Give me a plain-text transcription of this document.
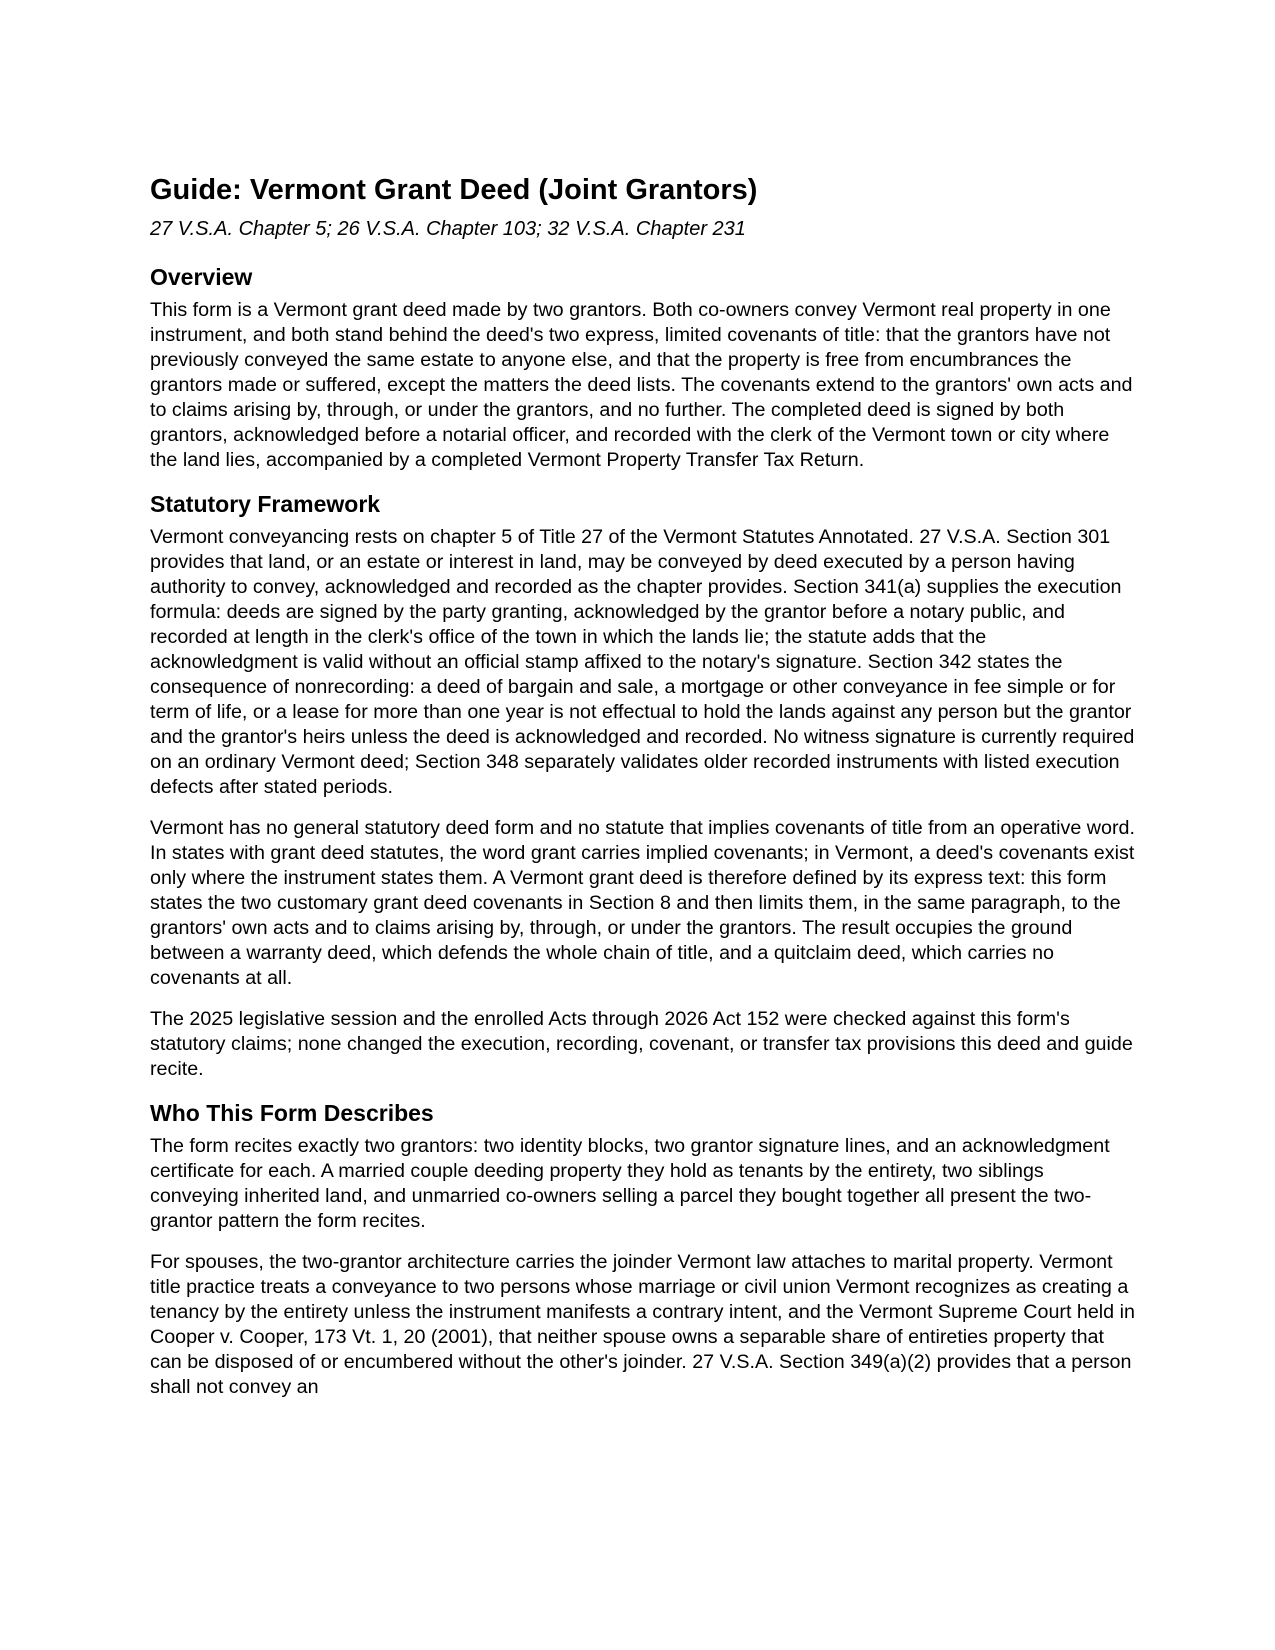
Guide: Vermont Grant Deed (Joint Grantors)
27 V.S.A. Chapter 5; 26 V.S.A. Chapter 103; 32 V.S.A. Chapter 231
Overview

This form is a Vermont grant deed made by two grantors. Both co-owners convey Vermont real property in one instrument, and both stand behind the deed's two express, limited covenants of title: that the grantors have not previously conveyed the same estate to anyone else, and that the property is free from encumbrances the grantors made or suffered, except the matters the deed lists. The covenants extend to the grantors' own acts and to claims arising by, through, or under the grantors, and no further. The completed deed is signed by both grantors, acknowledged before a notarial officer, and recorded with the clerk of the Vermont town or city where the land lies, accompanied by a completed Vermont Property Transfer Tax Return.

Statutory Framework

Vermont conveyancing rests on chapter 5 of Title 27 of the Vermont Statutes Annotated. 27 V.S.A. Section 301 provides that land, or an estate or interest in land, may be conveyed by deed executed by a person having authority to convey, acknowledged and recorded as the chapter provides. Section 341(a) supplies the execution formula: deeds are signed by the party granting, acknowledged by the grantor before a notary public, and recorded at length in the clerk's office of the town in which the lands lie; the statute adds that the acknowledgment is valid without an official stamp affixed to the notary's signature. Section 342 states the consequence of nonrecording: a deed of bargain and sale, a mortgage or other conveyance in fee simple or for term of life, or a lease for more than one year is not effectual to hold the lands against any person but the grantor and the grantor's heirs unless the deed is acknowledged and recorded. No witness signature is currently required on an ordinary Vermont deed; Section 348 separately validates older recorded instruments with listed execution defects after stated periods.

Vermont has no general statutory deed form and no statute that implies covenants of title from an operative word. In states with grant deed statutes, the word grant carries implied covenants; in Vermont, a deed's covenants exist only where the instrument states them. A Vermont grant deed is therefore defined by its express text: this form states the two customary grant deed covenants in Section 8 and then limits them, in the same paragraph, to the grantors' own acts and to claims arising by, through, or under the grantors. The result occupies the ground between a warranty deed, which defends the whole chain of title, and a quitclaim deed, which carries no covenants at all.

The 2025 legislative session and the enrolled Acts through 2026 Act 152 were checked against this form's statutory claims; none changed the execution, recording, covenant, or transfer tax provisions this deed and guide recite.

Who This Form Describes

The form recites exactly two grantors: two identity blocks, two grantor signature lines, and an acknowledgment certificate for each. A married couple deeding property they hold as tenants by the entirety, two siblings conveying inherited land, and unmarried co-owners selling a parcel they bought together all present the two-grantor pattern the form recites.

For spouses, the two-grantor architecture carries the joinder Vermont law attaches to marital property. Vermont title practice treats a conveyance to two persons whose marriage or civil union Vermont recognizes as creating a tenancy by the entirety unless the instrument manifests a contrary intent, and the Vermont Supreme Court held in Cooper v. Cooper, 173 Vt. 1, 20 (2001), that neither spouse owns a separable share of entireties property that can be disposed of or encumbered without the other's joinder. 27 V.S.A. Section 349(a)(2) provides that a person shall not convey an
